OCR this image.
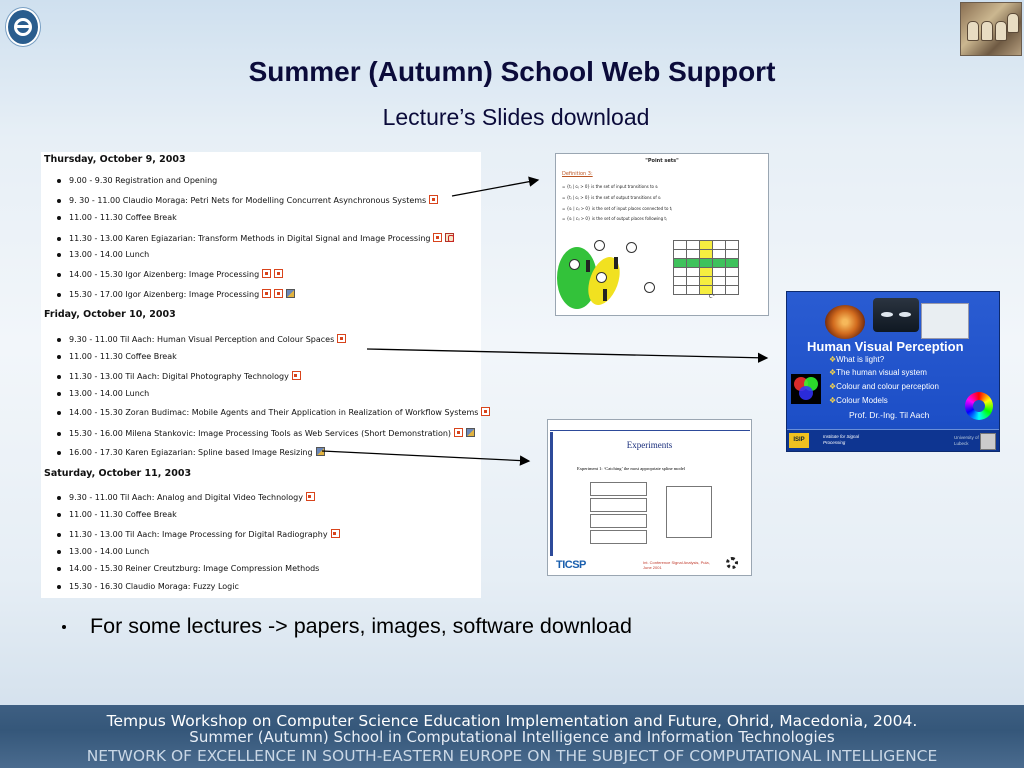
Summer (Autumn) School Web Support
Lecture’s Slides download
Thursday, October 9, 2003
9.00 - 9.30 Registration and Opening
9. 30 - 11.00 Claudio Moraga: Petri Nets for Modelling Concurrent Asynchronous Systems
11.00 - 11.30 Coffee Break
11.30 - 13.00 Karen Egiazarian: Transform Methods in Digital Signal and Image Processing
13.00 - 14.00 Lunch
14.00 - 15.30 Igor Aizenberg: Image Processing
15.30 - 17.00 Igor Aizenberg: Image Processing
Friday, October 10, 2003
9.30 - 11.00 Til Aach: Human Visual Perception and Colour Spaces
11.00 - 11.30 Coffee Break
11.30 - 13.00 Til Aach: Digital Photography Technology
13.00 - 14.00 Lunch
14.00 - 15.30 Zoran Budimac: Mobile Agents and Their Application in Realization of Workflow Systems
15.30 - 16.00 Milena Stankovic: Image Processing Tools as Web Services (Short Demonstration)
16.00 - 17.30 Karen Egiazarian: Spline based Image Resizing
Saturday, October 11, 2003
9.30 - 11.00 Til Aach: Analog and Digital Video Technology
11.00 - 11.30 Coffee Break
11.30 - 13.00 Til Aach: Image Processing for Digital Radiography
13.00 - 14.00 Lunch
14.00 - 15.30 Reiner Creutzburg: Image Compression Methods
15.30 - 16.30 Claudio Moraga: Fuzzy Logic
"Point sets"
Definition 3:
= {tⱼ | cᵢⱼ > 0} is the set of input transitions to sᵢ
= {tⱼ | cᵢⱼ > 0} is the set of output transitions of sᵢ
= {sᵢ | cᵢⱼ > 0} is the set of input places connected to tⱼ
= {sᵢ | cᵢⱼ > 0} is the set of output places following tⱼ

C⁺
Human Visual Perception
❖ What is light?
❖ The human visual system
❖ Colour and colour perception
❖ Colour Models
Prof. Dr.-Ing. Til Aach
ISIP
Institute for Signal Processing
University of Lubeck
Experiments
Experiment 1: ‘Catching’ the most appropriate spline model
TICSP	Int. Conference Signal Analysis, Pula, June 2001
For some lectures -> papers, images, software download
Tempus Workshop on Computer Science Education Implementation and Future, Ohrid, Macedonia, 2004.
Summer (Autumn) School in Computational Intelligence and Information Technologies
NETWORK OF EXCELLENCE IN SOUTH-EASTERN EUROPE ON THE SUBJECT OF COMPUTATIONAL INTELLIGENCE
